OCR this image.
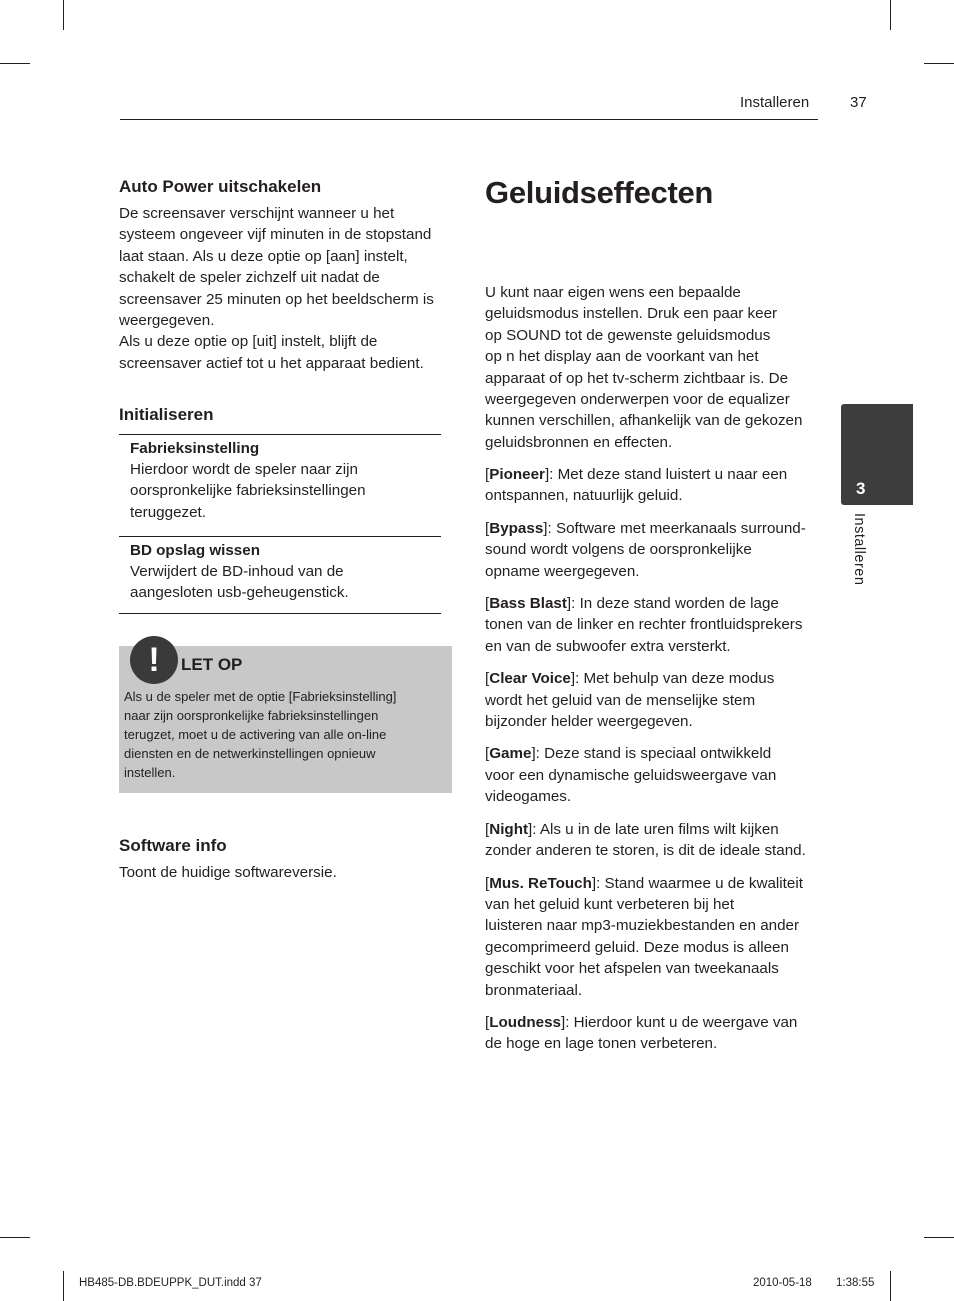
Installeren	37
Auto Power uitschakelen
De screensaver verschijnt wanneer u het
systeem ongeveer vijf minuten in de stopstand
laat staan. Als u deze optie op [aan] instelt,
schakelt de speler zichzelf uit nadat de
screensaver 25 minuten op het beeldscherm is
weergegeven.
Als u deze optie op [uit] instelt, blijft de
screensaver actief tot u het apparaat bedient.
Initialiseren
Fabrieksinstelling
Hierdoor wordt de speler naar zijn
oorspronkelijke fabrieksinstellingen
teruggezet.
BD opslag wissen
Verwijdert de BD-inhoud van de
aangesloten usb-geheugenstick.
!	LET OP
Als u de speler met de optie [Fabrieksinstelling]
naar zijn oorspronkelijke fabrieksinstellingen
terugzet, moet u de activering van alle on-line
diensten en de netwerkinstellingen opnieuw
instellen.
Software info
Toont de huidige softwareversie.
Geluidseffecten
U kunt naar eigen wens een bepaalde
geluidsmodus instellen. Druk een paar keer
op SOUND tot de gewenste geluidsmodus
op n het display aan de voorkant van het
apparaat of op het tv-scherm zichtbaar is. De
weergegeven onderwerpen voor de equalizer
kunnen verschillen, afhankelijk van de gekozen
geluidsbronnen en effecten.

[Pioneer]: Met deze stand luistert u naar een
ontspannen, natuurlijk geluid.

[Bypass]: Software met meerkanaals surround-
sound wordt volgens de oorspronkelijke
opname weergegeven.

[Bass Blast]: In deze stand worden de lage
tonen van de linker en rechter frontluidsprekers
en van de subwoofer extra versterkt.

[Clear Voice]: Met behulp van deze modus
wordt het geluid van de menselijke stem
bijzonder helder weergegeven.

[Game]: Deze stand is speciaal ontwikkeld
voor een dynamische geluidsweergave van
videogames.

[Night]: Als u in de late uren films wilt kijken
zonder anderen te storen, is dit de ideale stand.

[Mus. ReTouch]: Stand waarmee u de kwaliteit
van het geluid kunt verbeteren bij het
luisteren naar mp3-muziekbestanden en ander
gecomprimeerd geluid. Deze modus is alleen
geschikt voor het afspelen van tweekanaals
bronmateriaal.

[Loudness]: Hierdoor kunt u de weergave van
de hoge en lage tonen verbeteren.

3
Installeren
HB485-DB.BDEUPPK_DUT.indd 37	2010-05-18 1:38:55
